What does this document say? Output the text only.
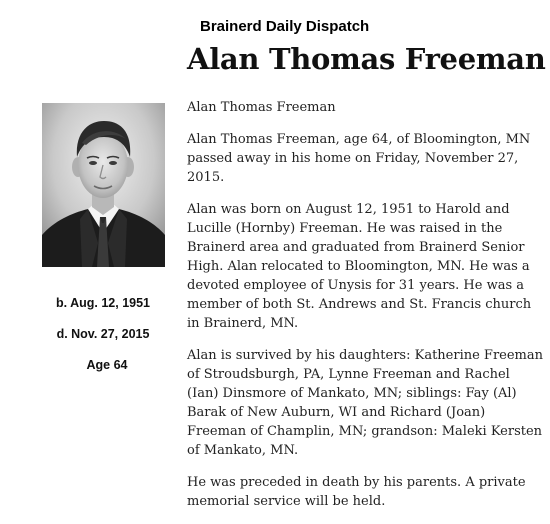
Brainerd Daily Dispatch
Alan Thomas Freeman
b. Aug. 12, 1951
d. Nov. 27, 2015
Age 64

Alan Thomas Freeman

Alan Thomas Freeman, age 64, of Bloomington, MN passed away in his home on Friday, November 27, 2015.

Alan was born on August 12, 1951 to Harold and Lucille (Hornby) Freeman. He was raised in the Brainerd area and graduated from Brainerd Senior High. Alan relocated to Bloomington, MN. He was a devoted employee of Unysis for 31 years. He was a member of both St. Andrews and St. Francis church in Brainerd, MN.

Alan is survived by his daughters: Katherine Freeman of Stroudsburgh, PA, Lynne Freeman and Rachel (Ian) Dinsmore of Mankato, MN; siblings: Fay (Al) Barak of New Auburn, WI and Richard (Joan) Freeman of Champlin, MN; grandson: Maleki Kersten of Mankato, MN.

He was preceded in death by his parents. A private memorial service will be held.
